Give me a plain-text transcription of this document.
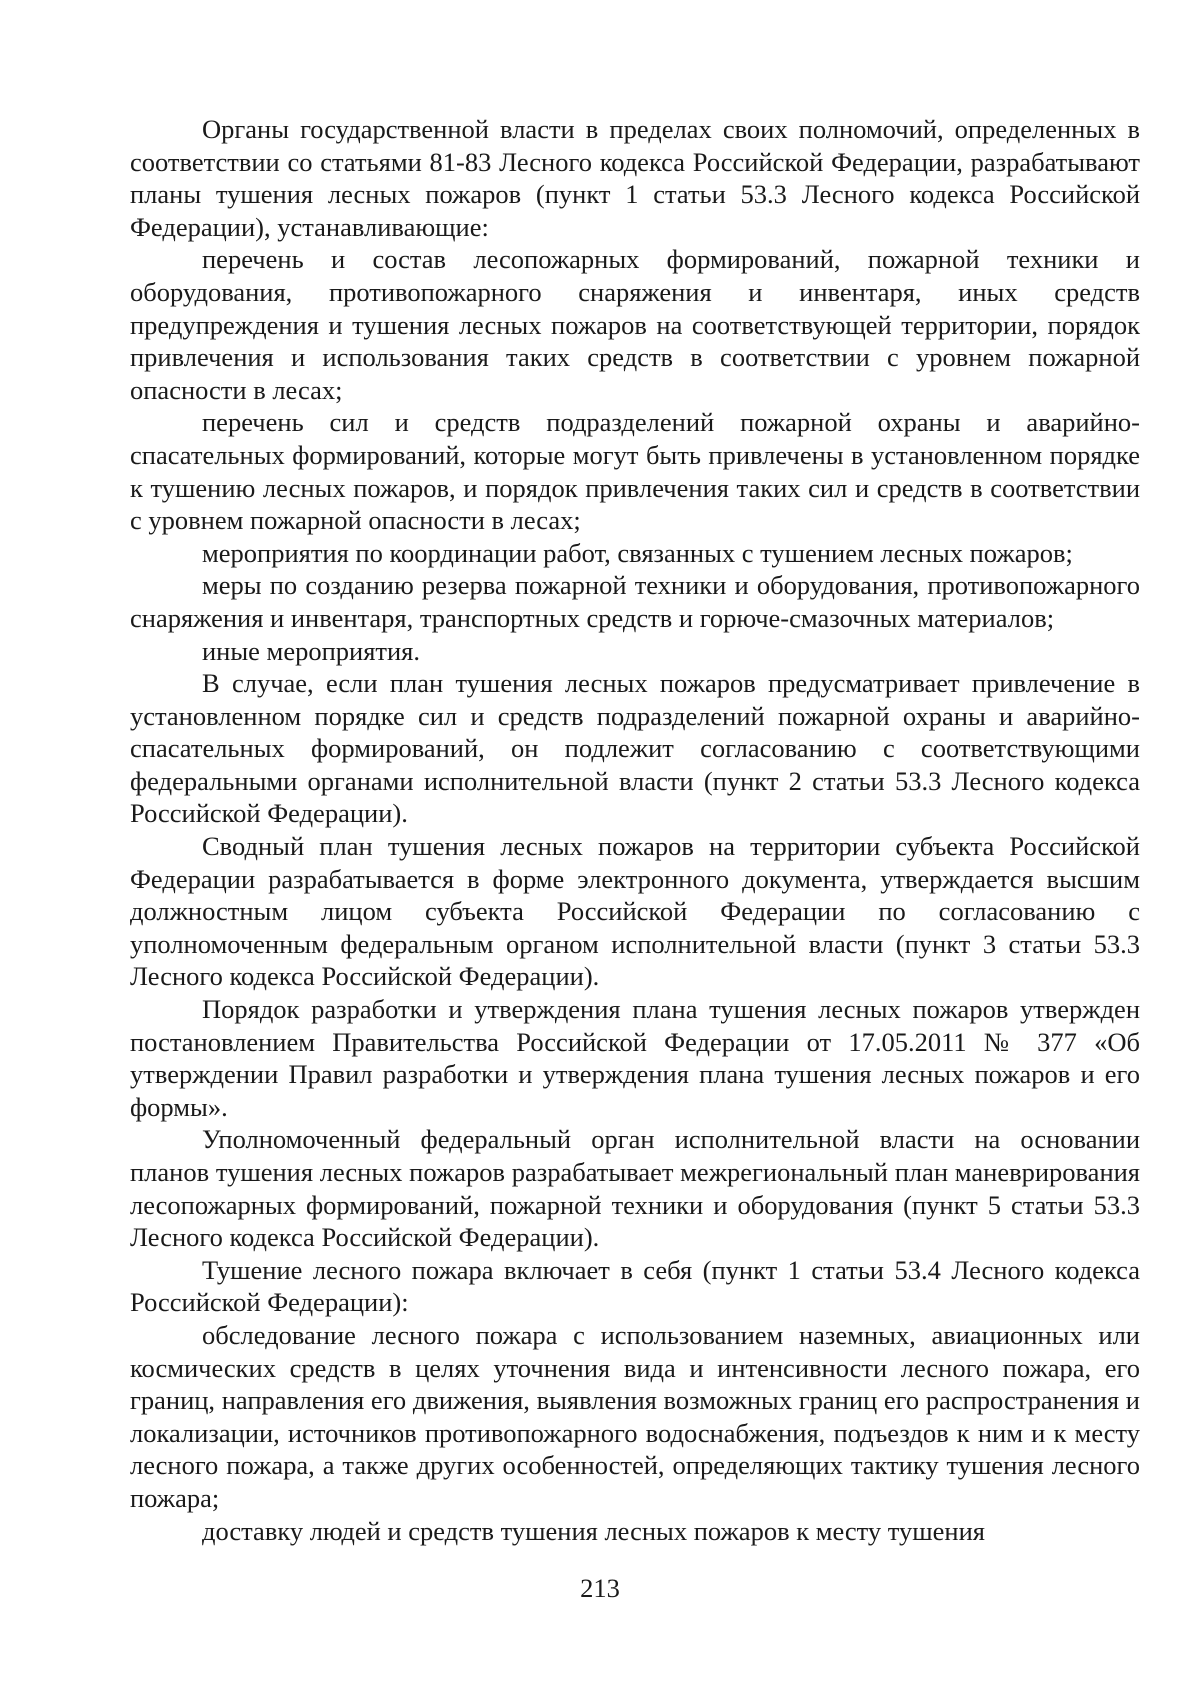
Органы государственной власти в пределах своих полномочий, определенных в соответствии со статьями 81-83 Лесного кодекса Российской Федерации, разрабатывают планы тушения лесных пожаров (пункт 1 статьи 53.3 Лесного кодекса Российской Федерации), устанавливающие:

перечень и состав лесопожарных формирований, пожарной техники и оборудования, противопожарного снаряжения и инвентаря, иных средств предупреждения и тушения лесных пожаров на соответствующей территории, порядок привлечения и использования таких средств в соответствии с уровнем пожарной опасности в лесах;

перечень сил и средств подразделений пожарной охраны и аварийно-спасательных формирований, которые могут быть привлечены в установленном порядке к тушению лесных пожаров, и порядок привлечения таких сил и средств в соответствии с уровнем пожарной опасности в лесах;

мероприятия по координации работ, связанных с тушением лесных пожаров;

меры по созданию резерва пожарной техники и оборудования, противопожарного снаряжения и инвентаря, транспортных средств и горюче-смазочных материалов;

иные мероприятия.

В случае, если план тушения лесных пожаров предусматривает привлечение в установленном порядке сил и средств подразделений пожарной охраны и аварийно-спасательных формирований, он подлежит согласованию с соответствующими федеральными органами исполнительной власти (пункт 2 статьи 53.3 Лесного кодекса Российской Федерации).

Сводный план тушения лесных пожаров на территории субъекта Российской Федерации разрабатывается в форме электронного документа, утверждается высшим должностным лицом субъекта Российской Федерации по согласованию с уполномоченным федеральным органом исполнительной власти (пункт 3 статьи 53.3 Лесного кодекса Российской Федерации).

Порядок разработки и утверждения плана тушения лесных пожаров утвержден постановлением Правительства Российской Федерации от 17.05.2011 № 377 «Об утверждении Правил разработки и утверждения плана тушения лесных пожаров и его формы».

Уполномоченный федеральный орган исполнительной власти на основании планов тушения лесных пожаров разрабатывает межрегиональный план маневрирования лесопожарных формирований, пожарной техники и оборудования (пункт 5 статьи 53.3 Лесного кодекса Российской Федерации).

Тушение лесного пожара включает в себя (пункт 1 статьи 53.4 Лесного кодекса Российской Федерации):

обследование лесного пожара с использованием наземных, авиационных или космических средств в целях уточнения вида и интенсивности лесного пожара, его границ, направления его движения, выявления возможных границ его распространения и локализации, источников противопожарного водоснабжения, подъездов к ним и к месту лесного пожара, а также других особенностей, определяющих тактику тушения лесного пожара;

доставку людей и средств тушения лесных пожаров к месту тушения

213
